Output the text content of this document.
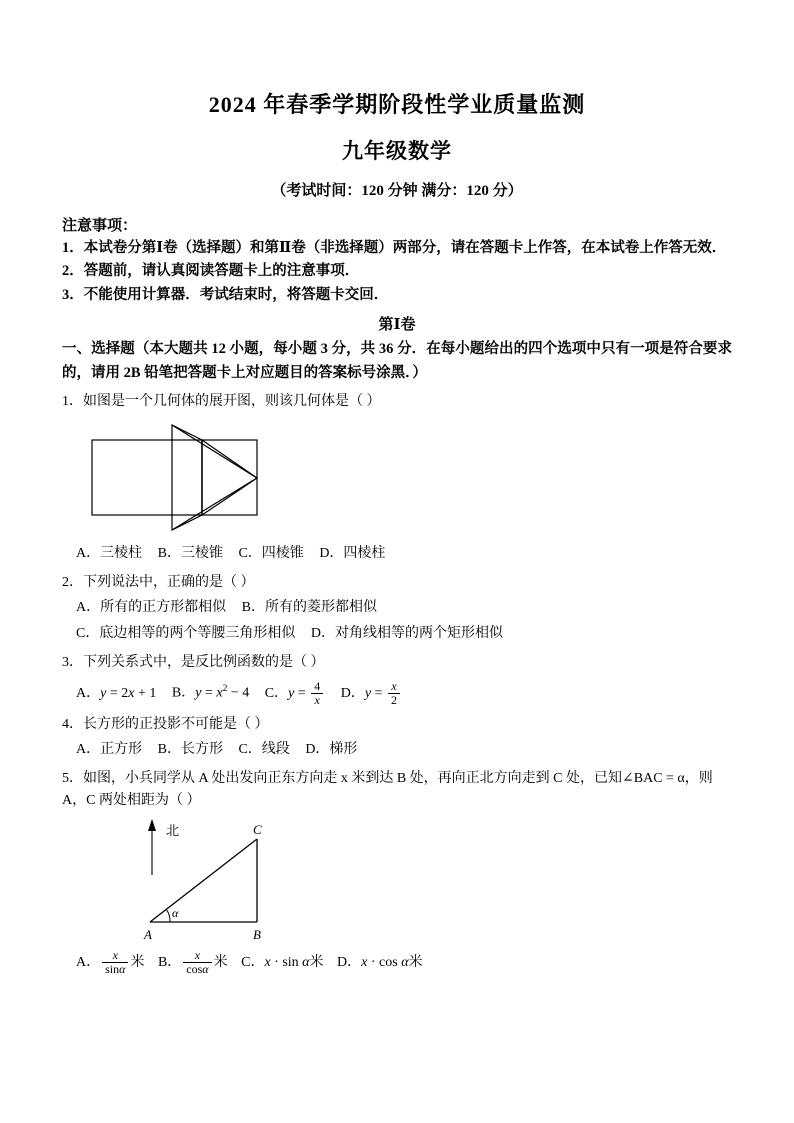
2024 年春季学期阶段性学业质量监测
九年级数学
（考试时间：120 分钟 满分：120 分）
注意事项：
1．本试卷分第Ⅰ卷（选择题）和第Ⅱ卷（非选择题）两部分，请在答题卡上作答，在本试卷上作答无效．
2．答题前，请认真阅读答题卡上的注意事项．
3．不能使用计算器．考试结束时，将答题卡交回．
第Ⅰ卷
一、选择题（本大题共 12 小题，每小题 3 分，共 36 分．在每小题给出的四个选项中只有一项是符合要求的，请用 2B 铅笔把答题卡上对应题目的答案标号涂黑．）
1．如图是一个几何体的展开图，则该几何体是（ ）
A．三棱柱 B．三棱锥 C．四棱锥 D．四棱柱
2．下列说法中，正确的是（ ）
A．所有的正方形都相似 B．所有的菱形都相似
C．底边相等的两个等腰三角形相似 D．对角线相等的两个矩形相似
3．下列关系式中，是反比例函数的是（ ）
A．y = 2x + 1 B．$y = x^2 - 4$ C．$y = \frac{4}{x}$ D．$y = \frac{x}{2}$
4．长方形的正投影不可能是（ ）
A．正方形 B．长方形 C．线段 D．梯形
5．如图，小兵同学从 A 处出发向正东方向走 x 米到达 B 处，再向正北方向走到 C 处，已知∠BAC = α，则 A，C 两处相距为（ ）
北
α
A	B
C
A． $\frac{x}{\sin\alpha}$ 米 B． $\frac{x}{\cos\alpha}$ 米 C．x · sin α米 D．x · cos α米
